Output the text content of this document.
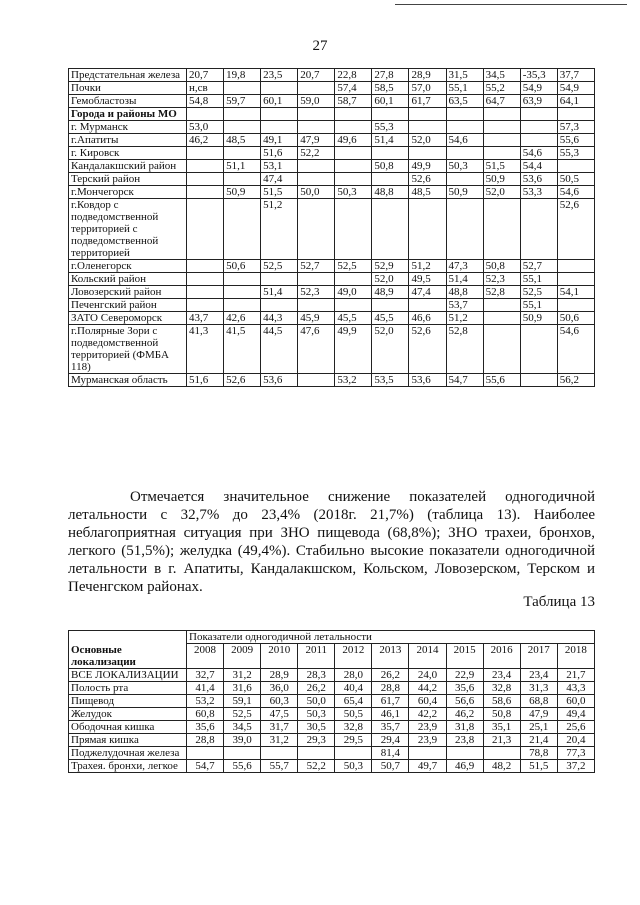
27
Предстательная железа	20,7	19,8	23,5	20,7	22,8	27,8	28,9	31,5	34,5	-35,3	37,7
Почки	н,св				57,4	58,5	57,0	55,1	55,2	54,9	54,9
Гемобластозы	54,8	59,7	60,1	59,0	58,7	60,1	61,7	63,5	64,7	63,9	64,1
Города и районы МО											
г. Мурманск	53,0					55,3					57,3
г.Апатиты	46,2	48,5	49,1	47,9	49,6	51,4	52,0	54,6			55,6
г. Кировск			51,6	52,2						54,6	55,3
Кандалакшский район		51,1	53,1			50,8	49,9	50,3	51,5	54,4	
Терский район			47,4				52,6		50,9	53,6	50,5
г.Мончегорск		50,9	51,5	50,0	50,3	48,8	48,5	50,9	52,0	53,3	54,6
г.Ковдор с подведомственной территорией с подведомственной территорией			51,2								52,6
г.Оленегорск		50,6	52,5	52,7	52,5	52,9	51,2	47,3	50,8	52,7	
Кольский район						52,0	49,5	51,4	52,3	55,1	
Ловозерский район			51,4	52,3	49,0	48,9	47,4	48,8	52,8	52,5	54,1
Печенгский район								53,7		55,1	
ЗАТО Североморск	43,7	42,6	44,3	45,9	45,5	45,5	46,6	51,2		50,9	50,6
г.Полярные Зори с подведомственной территорией (ФМБА 118)	41,3	41,5	44,5	47,6	49,9	52,0	52,6	52,8			54,6
Мурманская область	51,6	52,6	53,6		53,2	53,5	53,6	54,7	55,6		56,2
Отмечается значительное снижение показателей одногодичной летальности с 32,7% до 23,4% (2018г. 21,7%) (таблица 13). Наиболее неблагоприятная ситуация при ЗНО пищевода (68,8%); ЗНО трахеи, бронхов, легкого (51,5%); желудка (49,4%). Стабильно высокие показатели одногодичной летальности в г. Апатиты, Кандалакшском, Кольском, Ловозерском, Терском и Печенгском районах.
Таблица 13
	Показатели одногодичной летальности										
Основные локализации	2008	2009	2010	2011	2012	2013	2014	2015	2016	2017	2018
ВСЕ ЛОКАЛИЗАЦИИ	32,7	31,2	28,9	28,3	28,0	26,2	24,0	22,9	23,4	23,4	21,7
Полость рта	41,4	31,6	36,0	26,2	40,4	28,8	44,2	35,6	32,8	31,3	43,3
Пищевод	53,2	59,1	60,3	50,0	65,4	61,7	60,4	56,6	58,6	68,8	60,0
Желудок	60,8	52,5	47,5	50,3	50,5	46,1	42,2	46,2	50,8	47,9	49,4
Ободочная кишка	35,6	34,5	31,7	30,5	32,8	35,7	23,9	31,8	35,1	25,1	25,6
Прямая кишка	28,8	39,0	31,2	29,3	29,5	29,4	23,9	23,8	21,3	21,4	20,4
Поджелудочная железа						81,4				78,8	77,3
Трахея. бронхи, легкое	54,7	55,6	55,7	52,2	50,3	50,7	49,7	46,9	48,2	51,5	37,2
